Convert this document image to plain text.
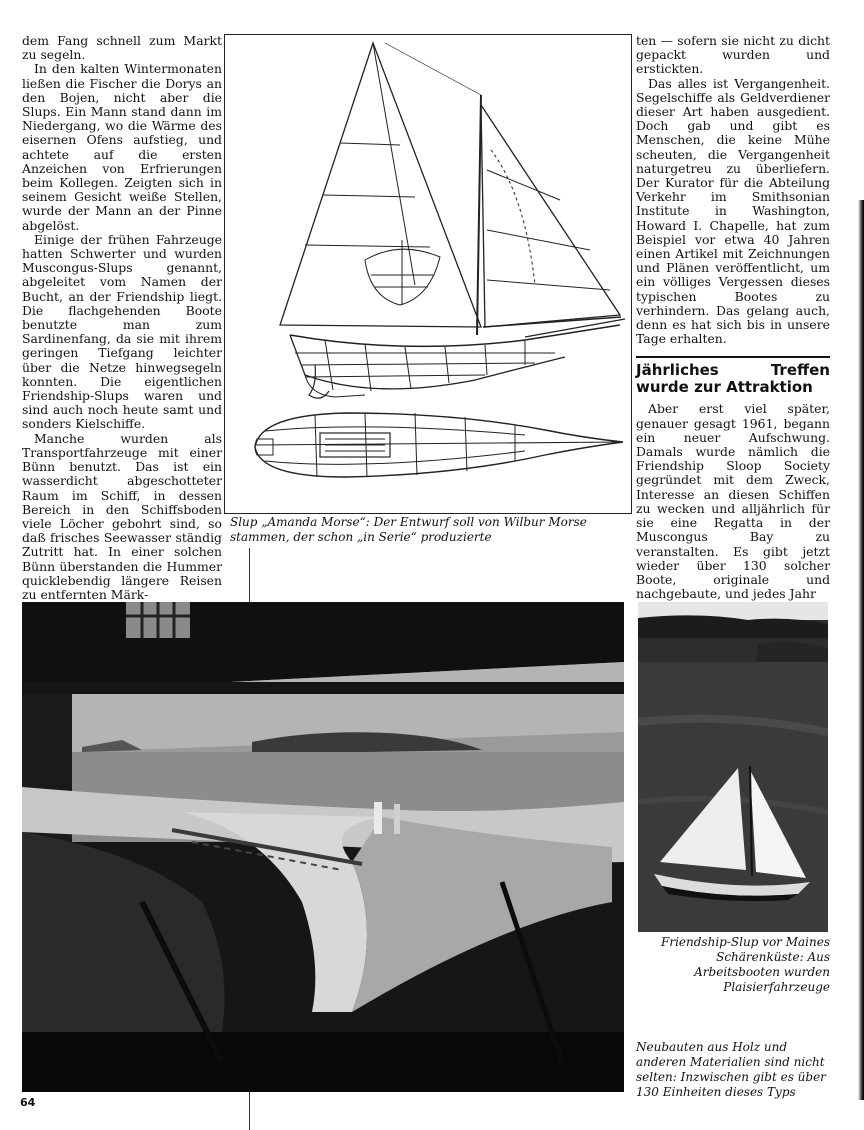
dem Fang schnell zum Markt zu segeln.

In den kalten Wintermonaten ließen die Fischer die Dorys an den Bojen, nicht aber die Slups. Ein Mann stand dann im Niedergang, wo die Wärme des eisernen Ofens aufstieg, und achtete auf die ersten Anzeichen von Erfrierungen beim Kollegen. Zeigten sich in seinem Gesicht weiße Stellen, wurde der Mann an der Pinne abgelöst.

Einige der frühen Fahrzeuge hatten Schwerter und wurden Muscongus-Slups genannt, abgeleitet vom Namen der Bucht, an der Friendship liegt. Die flachgehenden Boote benutzte man zum Sardinenfang, da sie mit ihrem geringen Tiefgang leichter über die Netze hinwegsegeln konnten. Die eigentlichen Friendship-Slups waren und sind auch noch heute samt und sonders Kielschiffe.

Manche wurden als Transportfahrzeuge mit einer Bünn benutzt. Das ist ein wasserdicht abgeschotteter Raum im Schiff, in dessen Bereich in den Schiffsboden viele Löcher gebohrt sind, so daß frisches Seewasser ständig Zutritt hat. In einer solchen Bünn überstanden die Hummer quicklebendig längere Reisen zu entfernten Märk-

Slup „Amanda Morse“: Der Entwurf soll von Wilbur Morse stammen, der schon „in Serie“ produzierte

ten — sofern sie nicht zu dicht gepackt wurden und erstickten.

Das alles ist Vergangenheit. Segelschiffe als Geldverdiener dieser Art haben ausgedient. Doch gab und gibt es Menschen, die keine Mühe scheuten, die Vergangenheit naturgetreu zu überliefern. Der Kurator für die Abteilung Verkehr im Smithsonian Institute in Washington, Howard I. Chapelle, hat zum Beispiel vor etwa 40 Jahren einen Artikel mit Zeichnungen und Plänen veröffentlicht, um ein völliges Vergessen dieses typischen Bootes zu verhindern. Das gelang auch, denn es hat sich bis in unsere Tage erhalten.

Jährliches Treffen wurde zur Attraktion

Aber erst viel später, genauer gesagt 1961, begann ein neuer Aufschwung. Damals wurde nämlich die Friendship Sloop Society gegründet mit dem Zweck, Interesse an diesen Schiffen zu wecken und alljährlich für sie eine Regatta in der Muscongus Bay zu veranstalten. Es gibt jetzt wieder über 130 solcher Boote, originale und nachgebaute, und jedes Jahr

Friendship-Slup vor Maines Schärenküste: Aus Arbeitsbooten wurden Plaisierfahrzeuge
Neubauten aus Holz und anderen Materialien sind nicht selten: Inzwischen gibt es über 130 Einheiten dieses Typs
64
